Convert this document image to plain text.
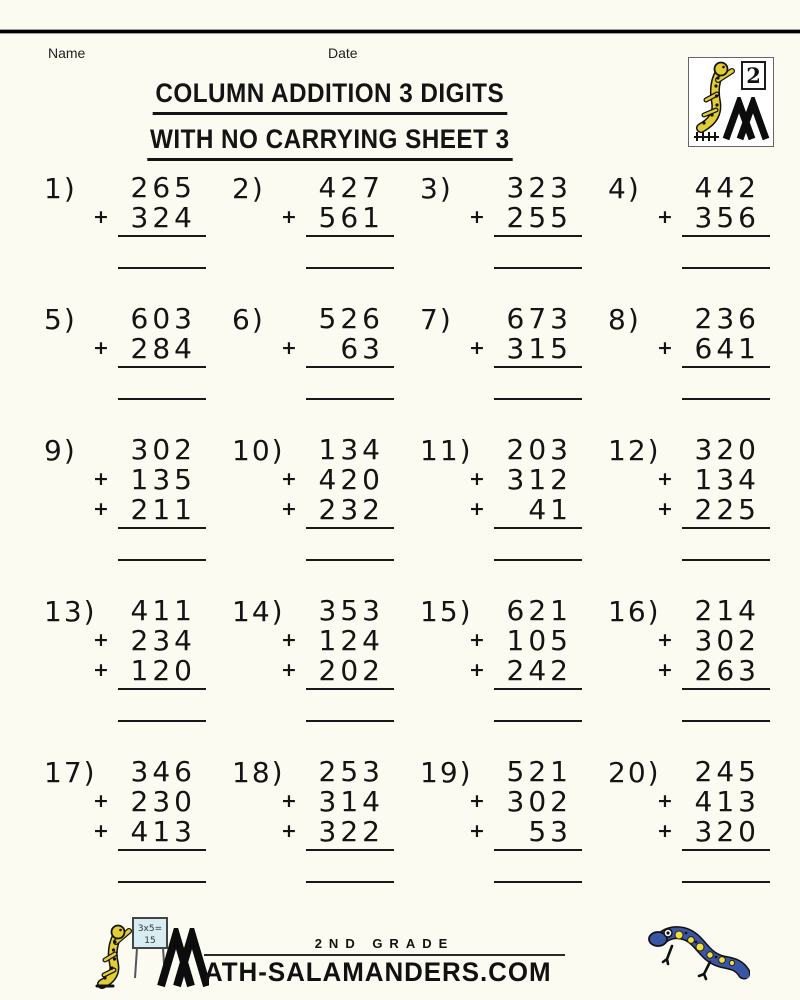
Name	Date
2
COLUMN ADDITION 3 DIGITS
WITH NO CARRYING SHEET 3
1)	265
+ 324
2)	427
+ 561
3)	323
+ 255
4)	442
+ 356
5)	603
+ 284
6)	526
+ 63
7)	673
+ 315
8)	236
+ 641
9)	302
+ 135
+ 211
10) 134
+ 420
+ 232
11) 203
+ 312
+ 41
12) 320
+ 134
+ 225
13) 411
+ 234
+ 120
14) 353
+ 124
+ 202
15) 621
+ 105
+ 242
16) 214
+ 302
+ 263
17) 346
+ 230
+ 413
18) 253
+ 314
+ 322
19) 521
+ 302
+ 53
20) 245
+ 413
+ 320
3x5=
15	2ND GRADE
ATH-SALAMANDERS.COM
